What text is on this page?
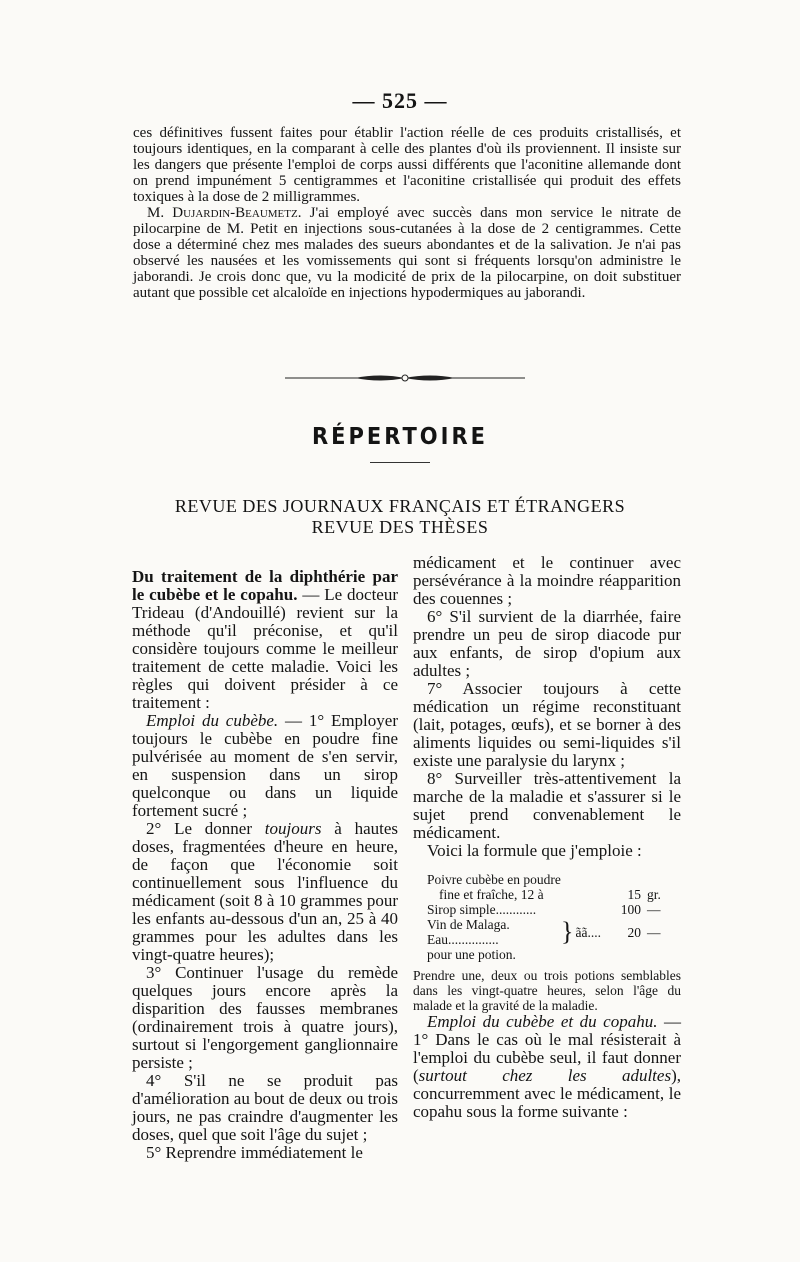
— 525 —

ces définitives fussent faites pour établir l'action réelle de ces produits cristallisés, et toujours identiques, en la comparant à celle des plantes d'où ils proviennent. Il insiste sur les dangers que présente l'emploi de corps aussi différents que l'aconitine allemande dont on prend impunément 5 centigrammes et l'aconitine cristallisée qui produit des effets toxiques à la dose de 2 milligrammes.

M. Dujardin-Beaumetz. J'ai employé avec succès dans mon service le nitrate de pilocarpine de M. Petit en injections sous-cutanées à la dose de 2 centigrammes. Cette dose a déterminé chez mes malades des sueurs abondantes et de la salivation. Je n'ai pas observé les nausées et les vomissements qui sont si fréquents lorsqu'on administre le jaborandi. Je crois donc que, vu la modicité de prix de la pilocarpine, on doit substituer autant que possible cet alcaloïde en injections hypodermiques au jaborandi.

RÉPERTOIRE
REVUE DES JOURNAUX FRANÇAIS ET ÉTRANGERS
REVUE DES THÈSES

Du traitement de la diphthérie par le cubèbe et le copahu. — Le docteur Trideau (d'Andouillé) revient sur la méthode qu'il préconise, et qu'il considère toujours comme le meilleur traitement de cette maladie. Voici les règles qui doivent présider à ce traitement :

Emploi du cubèbe. — 1° Employer toujours le cubèbe en poudre fine pulvérisée au moment de s'en servir, en suspension dans un sirop quelconque ou dans un liquide fortement sucré ;

2° Le donner toujours à hautes doses, fragmentées d'heure en heure, de façon que l'économie soit continuellement sous l'influence du médicament (soit 8 à 10 grammes pour les enfants au-dessous d'un an, 25 à 40 grammes pour les adultes dans les vingt-quatre heures);

3° Continuer l'usage du remède quelques jours encore après la disparition des fausses membranes (ordinairement trois à quatre jours), surtout si l'engorgement ganglionnaire persiste ;

4° S'il ne se produit pas d'amélioration au bout de deux ou trois jours, ne pas craindre d'augmenter les doses, quel que soit l'âge du sujet ;

5° Reprendre immédiatement le

médicament et le continuer avec persévérance à la moindre réapparition des couennes ;

6° S'il survient de la diarrhée, faire prendre un peu de sirop diacode pur aux enfants, de sirop d'opium aux adultes ;

7° Associer toujours à cette médication un régime reconstituant (lait, potages, œufs), et se borner à des aliments liquides ou semi-liquides s'il existe une paralysie du larynx ;

8° Surveiller très-attentivement la marche de la maladie et s'assurer si le sujet prend convenablement le médicament.

Voici la formule que j'emploie :

Poivre cubèbe en poudre
fine et fraîche, 12 à	15 gr.
Sirop simple............	100 —
Vin de Malaga.
Eau...............	} ãã....	20 —
pour une potion.

Prendre une, deux ou trois potions semblables dans les vingt-quatre heures, selon l'âge du malade et la gravité de la maladie.

Emploi du cubèbe et du copahu. — 1° Dans le cas où le mal résisterait à l'emploi du cubèbe seul, il faut donner (surtout chez les adultes), concurremment avec le médicament, le copahu sous la forme suivante :
